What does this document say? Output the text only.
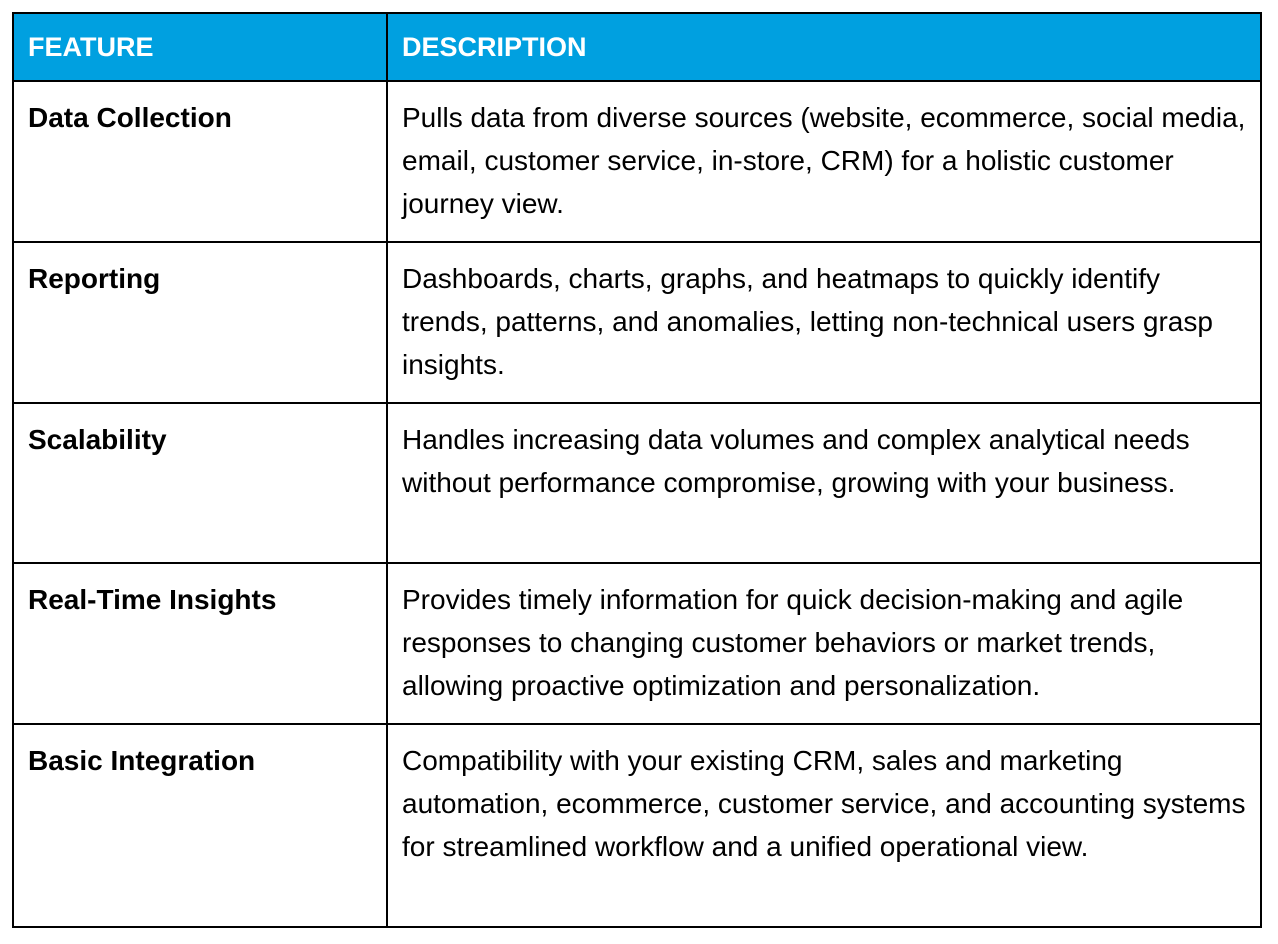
FEATURE	DESCRIPTION
Data Collection	Pulls data from diverse sources (website, ecommerce, social media, email, customer service, in-store, CRM) for a holistic customer journey view.
Reporting	Dashboards, charts, graphs, and heatmaps to quickly identify trends, patterns, and anomalies, letting non-technical users grasp insights.
Scalability	Handles increasing data volumes and complex analytical needs without performance compromise, growing with your business.
Real-Time Insights	Provides timely information for quick decision-making and agile responses to changing customer behaviors or market trends, allowing proactive optimization and personalization.
Basic Integration	Compatibility with your existing CRM, sales and marketing automation, ecommerce, customer service, and accounting systems for streamlined workflow and a unified operational view.
